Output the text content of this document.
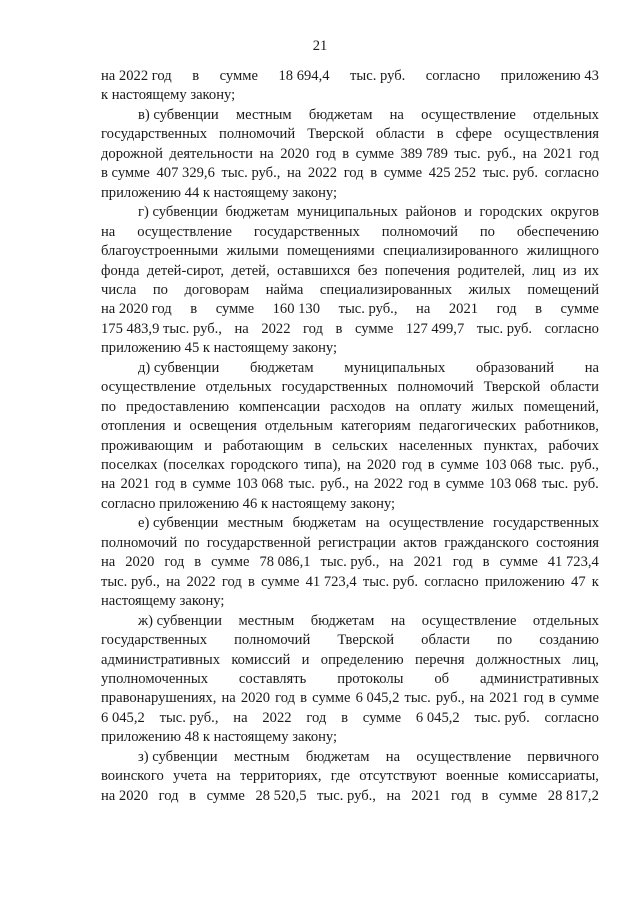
21
на 2022 год в сумме 18 694,4 тыс. руб. согласно приложению 43
к настоящему закону;
в) субвенции местным бюджетам на осуществление отдельных
государственных полномочий Тверской области в сфере осуществления
дорожной деятельности на 2020 год в сумме 389 789 тыс. руб., на 2021 год
в сумме 407 329,6 тыс. руб., на 2022 год в сумме 425 252 тыс. руб. согласно
приложению 44 к настоящему закону;
г) субвенции бюджетам муниципальных районов и городских округов
на осуществление государственных полномочий по обеспечению
благоустроенными жилыми помещениями специализированного жилищного
фонда детей-сирот, детей, оставшихся без попечения родителей, лиц из их
числа по договорам найма специализированных жилых помещений
на 2020 год в сумме 160 130 тыс. руб., на 2021 год в сумме
175 483,9 тыс. руб., на 2022 год в сумме 127 499,7 тыс. руб. согласно
приложению 45 к настоящему закону;
д) субвенции бюджетам муниципальных образований на
осуществление отдельных государственных полномочий Тверской области
по предоставлению компенсации расходов на оплату жилых помещений,
отопления и освещения отдельным категориям педагогических работников,
проживающим и работающим в сельских населенных пунктах, рабочих
поселках (поселках городского типа), на 2020 год в сумме 103 068 тыс. руб.,
на 2021 год в сумме 103 068 тыс. руб., на 2022 год в сумме 103 068 тыс. руб.
согласно приложению 46 к настоящему закону;
е) субвенции местным бюджетам на осуществление государственных
полномочий по государственной регистрации актов гражданского состояния
на 2020 год в сумме 78 086,1 тыс. руб., на 2021 год в сумме 41 723,4
тыс. руб., на 2022 год в сумме 41 723,4 тыс. руб. согласно приложению 47 к
настоящему закону;
ж) субвенции местным бюджетам на осуществление отдельных
государственных полномочий Тверской области по созданию
административных комиссий и определению перечня должностных лиц,
уполномоченных составлять протоколы об административных
правонарушениях, на 2020 год в сумме 6 045,2 тыс. руб., на 2021 год в сумме
6 045,2 тыс. руб., на 2022 год в сумме 6 045,2 тыс. руб. согласно
приложению 48 к настоящему закону;
з) субвенции местным бюджетам на осуществление первичного
воинского учета на территориях, где отсутствуют военные комиссариаты,
на 2020 год в сумме 28 520,5 тыс. руб., на 2021 год в сумме 28 817,2
